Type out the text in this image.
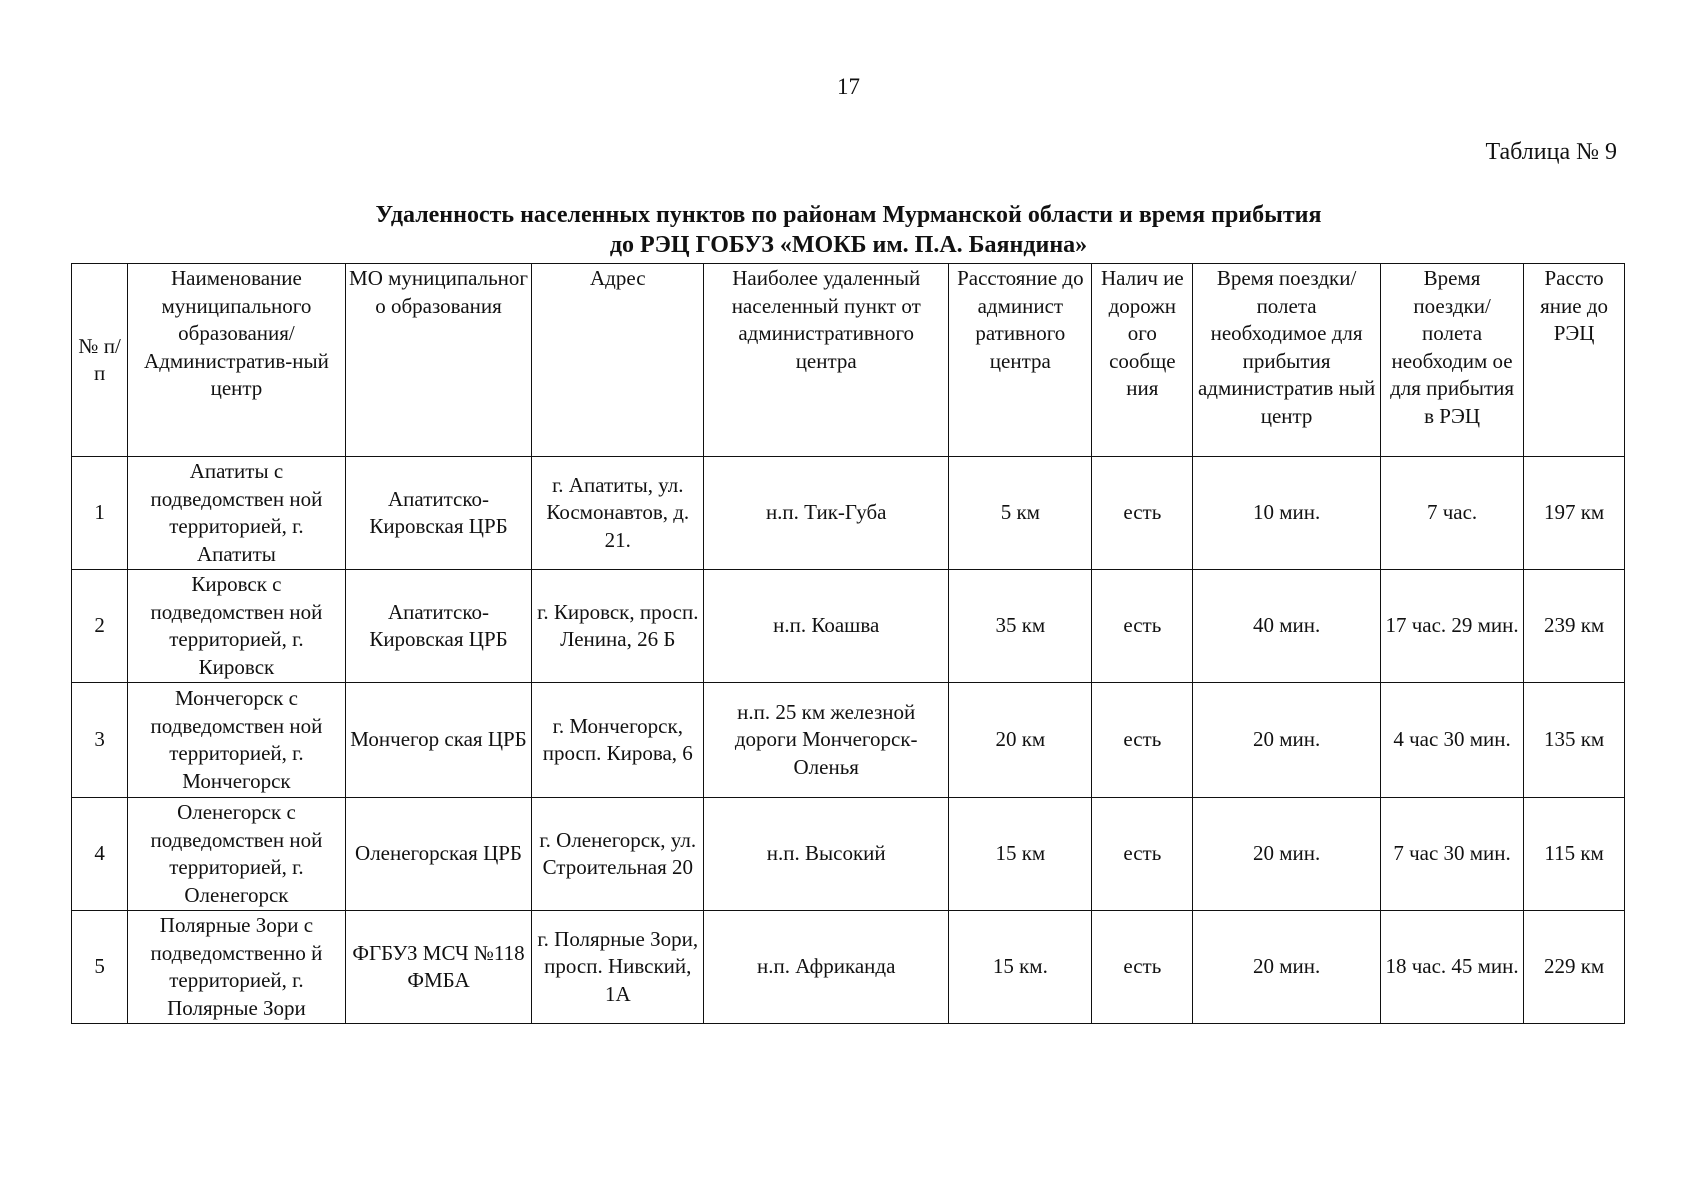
17
Таблица № 9
Удаленность населенных пунктов по районам Мурманской области и время прибытия
до РЭЦ ГОБУЗ «МОКБ им. П.А. Баяндина»
№ п/п	Наименование муниципального образования/ Административ-ный центр	МО муниципальног о образования	Адрес	Наиболее удаленный населенный пункт от административного центра	Расстояние до админист ративного центра	Налич ие дорожн ого сообще ния	Время поездки/полета необходимое для прибытия административ ный центр	Время поездки/ полета необходим ое для прибытия в РЭЦ	Рассто яние до РЭЦ
1	Апатиты с подведомствен ной территорией, г. Апатиты	Апатитско-Кировская ЦРБ	г. Апатиты, ул. Космонавтов, д. 21.	н.п. Тик-Губа	5 км	есть	10 мин.	7 час.	197 км
2	Кировск с подведомствен ной территорией, г. Кировск	Апатитско-Кировская ЦРБ	г. Кировск, просп. Ленина, 26 Б	н.п. Коашва	35 км	есть	40 мин.	17 час. 29 мин.	239 км
3	Мончегорск с подведомствен ной территорией, г. Мончегорск	Мончегор ская ЦРБ	г. Мончегорск, просп. Кирова, 6	н.п. 25 км железной дороги Мончегорск-Оленья	20 км	есть	20 мин.	4 час 30 мин.	135 км
4	Оленегорск с подведомствен ной территорией, г. Оленегорск	Оленегорская ЦРБ	г. Оленегорск, ул. Строительная 20	н.п. Высокий	15 км	есть	20 мин.	7 час 30 мин.	115 км
5	Полярные Зори с подведомственно й территорией, г. Полярные Зори	ФГБУЗ МСЧ №118 ФМБА	г. Полярные Зори, просп. Нивский, 1А	н.п. Африканда	15 км.	есть	20 мин.	18 час. 45 мин.	229 км
